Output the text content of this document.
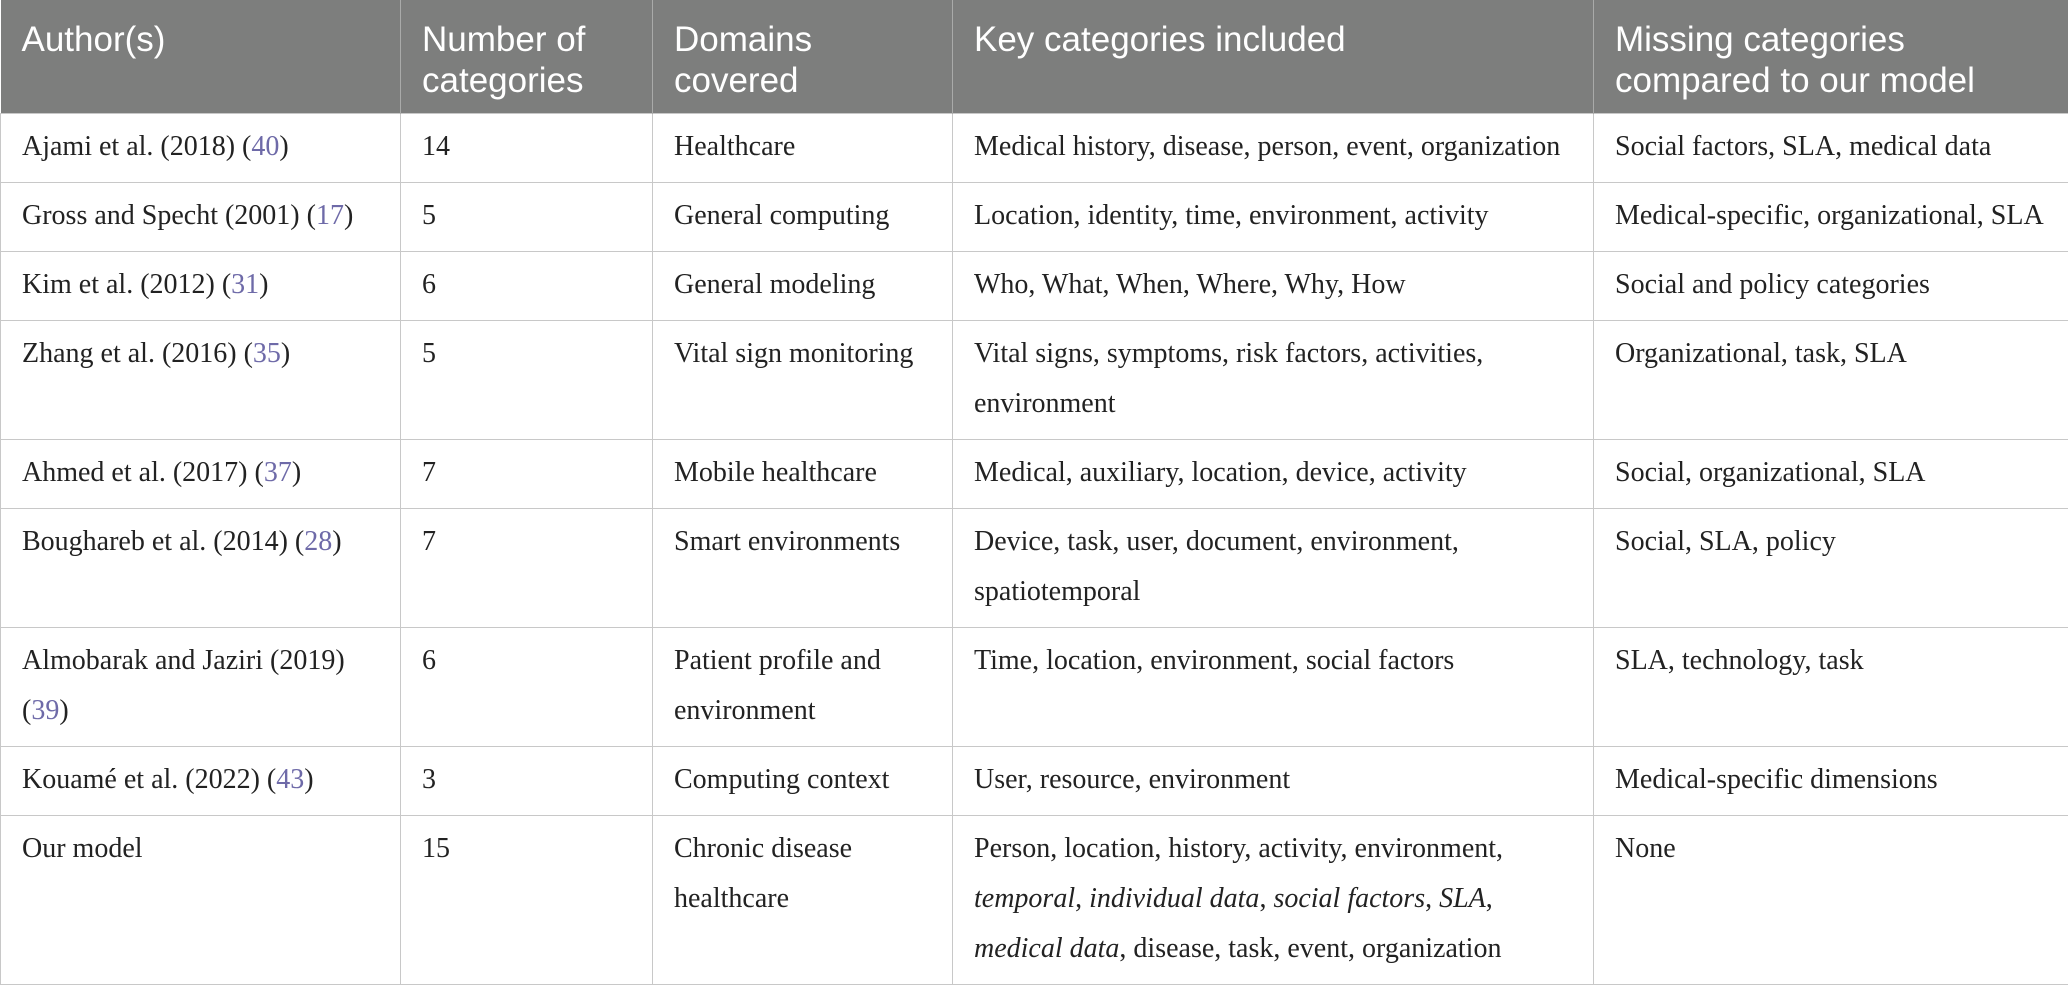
Author(s)	Number of categories	Domains covered	Key categories included	Missing categories compared to our model
Ajami et al. (2018) (40)	14	Healthcare	Medical history, disease, person, event, organization	Social factors, SLA, medical data
Gross and Specht (2001) (17)	5	General computing	Location, identity, time, environment, activity	Medical-specific, organizational, SLA
Kim et al. (2012) (31)	6	General modeling	Who, What, When, Where, Why, How	Social and policy categories
Zhang et al. (2016) (35)	5	Vital sign monitoring	Vital signs, symptoms, risk factors, activities, environment	Organizational, task, SLA
Ahmed et al. (2017) (37)	7	Mobile healthcare	Medical, auxiliary, location, device, activity	Social, organizational, SLA
Boughareb et al. (2014) (28)	7	Smart environments	Device, task, user, document, environment, spatiotemporal	Social, SLA, policy
Almobarak and Jaziri (2019) (39)	6	Patient profile and environment	Time, location, environment, social factors	SLA, technology, task
Kouamé et al. (2022) (43)	3	Computing context	User, resource, environment	Medical-specific dimensions
Our model	15	Chronic disease healthcare	Person, location, history, activity, environment, temporal, individual data, social factors, SLA, medical data, disease, task, event, organization	None
